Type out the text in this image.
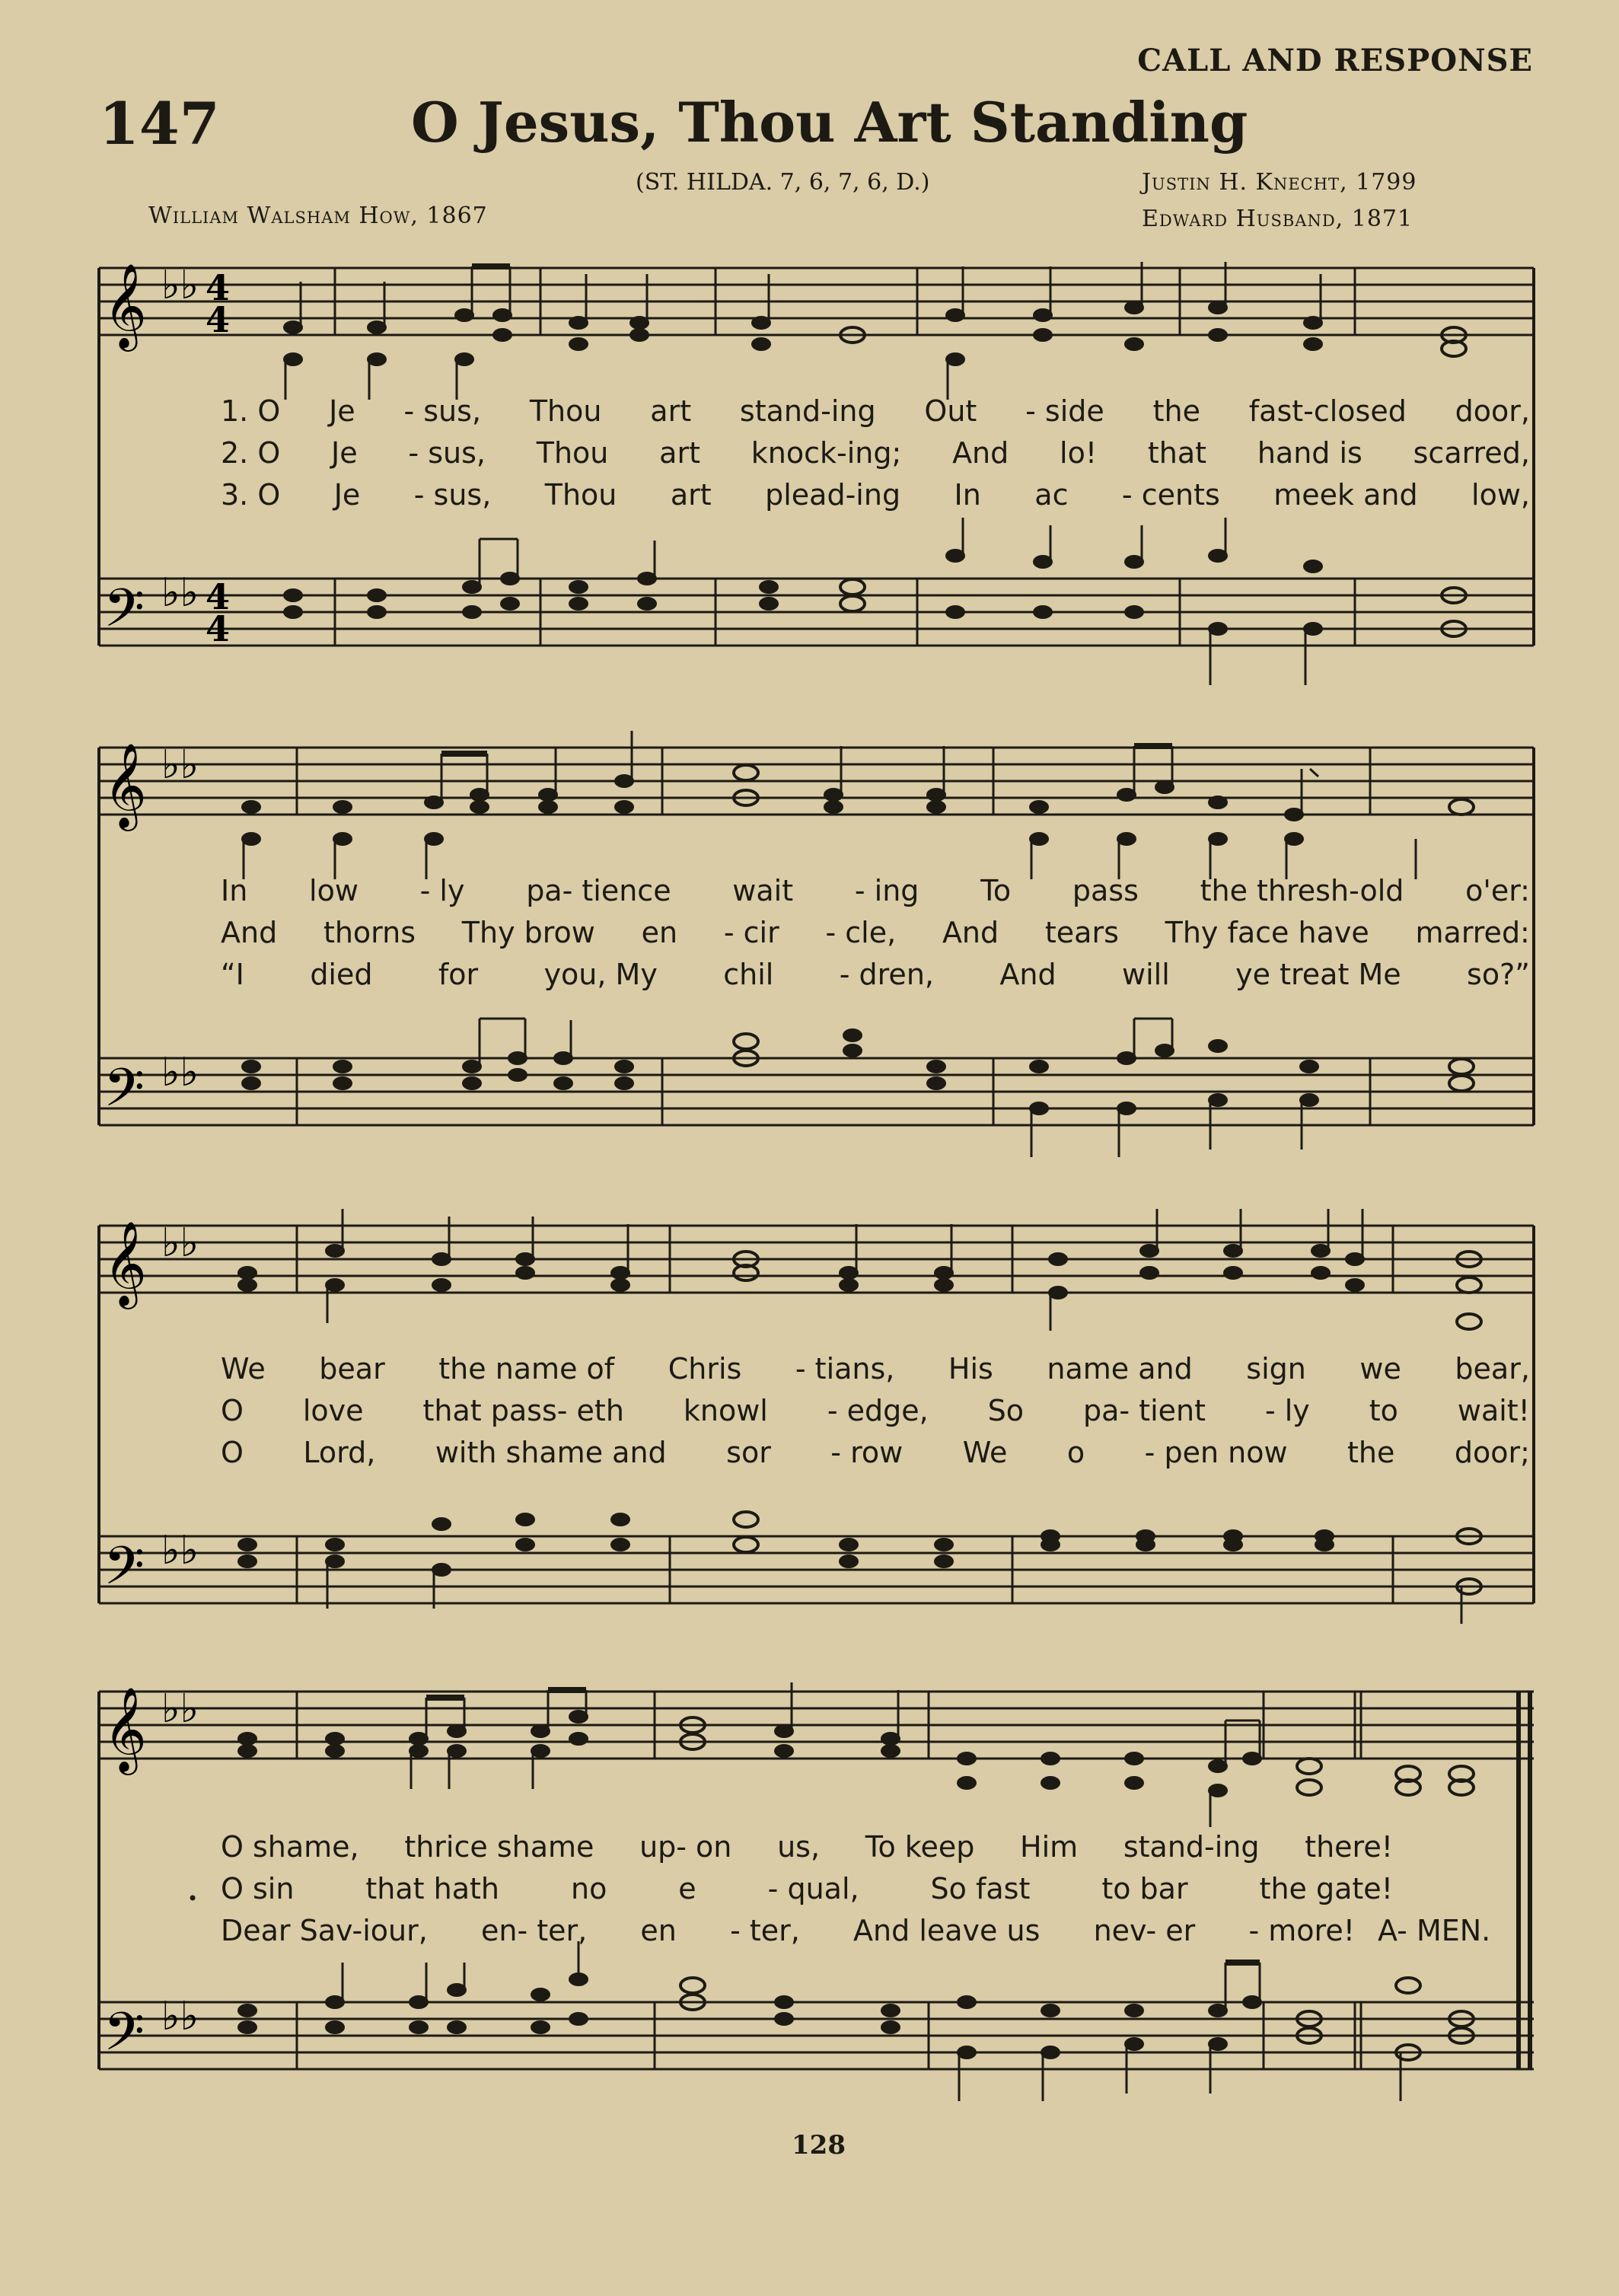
CALL AND RESPONSE
147	O Jesus, Thou Art Standing
(ST. HILDA. 7, 6, 7, 6, D.)
William Walsham How, 1867
Justin H. Knecht, 1799
Edward Husband, 1871
𝄞
𝄢
♭♭
♭♭
4
4
4
4
1. O Je - sus, Thou art stand-ing Out - side the fast-closed door,
2. O Je - sus, Thou art knock-ing; And lo! that hand is scarred,
3. O Je - sus, Thou art plead-ing In ac - cents meek and low,
𝄞
𝄢
♭♭
♭♭
In low - ly pa- tience wait - ing To pass the thresh-old o'er:
And thorns Thy brow en - cir - cle, And tears Thy face have marred:
“I died for you, My chil - dren, And will ye treat Me so?”
𝄞
𝄢
♭♭
♭♭
We bear the name of Chris - tians, His name and sign we bear,
O love that pass- eth knowl - edge, So pa- tient - ly to wait!
O Lord, with shame and sor - row We o - pen now the door;
𝄞
𝄢
♭♭
♭♭
•
O shame, thrice shame up- on us, To keep Him stand-ing there!
O sin that hath no e - qual, So fast to bar the gate!
Dear Sav-iour, en- ter, en - ter, And leave us nev- er - more! A- MEN.
128
